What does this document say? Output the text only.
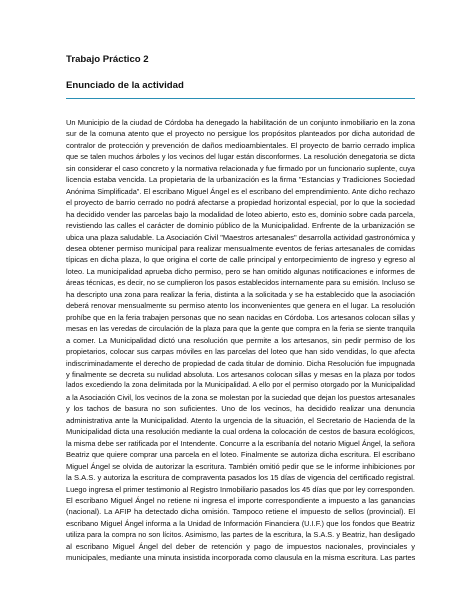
Trabajo Práctico 2
Enunciado de la actividad
Un Municipio de la ciudad de Córdoba ha denegado la habilitación de un conjunto inmobiliario en la zona
sur de la comuna atento que el proyecto no persigue los propósitos planteados por dicha autoridad de
contralor de protección y prevención de daños medioambientales. El proyecto de barrio cerrado implica
que se talen muchos árboles y los vecinos del lugar están disconformes. La resolución denegatoria se dicta
sin considerar el caso concreto y la normativa relacionada y fue firmado por un funcionario suplente, cuya
licencia estaba vencida. La propietaria de la urbanización es la firma "Estancias y Tradiciones Sociedad
Anónima Simplificada". El escribano Miguel Ángel es el escribano del emprendimiento. Ante dicho rechazo
el proyecto de barrio cerrado no podrá afectarse a propiedad horizontal especial, por lo que la sociedad
ha decidido vender las parcelas bajo la modalidad de loteo abierto, esto es, dominio sobre cada parcela,
revistiendo las calles el carácter de dominio público de la Municipalidad. Enfrente de la urbanización se
ubica una plaza saludable. La Asociación Civil "Maestros artesanales" desarrolla actividad gastronómica y
desea obtener permiso municipal para realizar mensualmente eventos de ferias artesanales de comidas
típicas en dicha plaza, lo que origina el corte de calle principal y entorpecimiento de ingreso y egreso al
loteo. La municipalidad aprueba dicho permiso, pero se han omitido algunas notificaciones e informes de
áreas técnicas, es decir, no se cumplieron los pasos establecidos internamente para su emisión. Incluso se
ha descripto una zona para realizar la feria, distinta a la solicitada y se ha establecido que la asociación
deberá renovar mensualmente su permiso atento los inconvenientes que genera en el lugar. La resolución
prohíbe que en la feria trabajen personas que no sean nacidas en Córdoba. Los artesanos colocan sillas y
mesas en las veredas de circulación de la plaza para que la gente que compra en la feria se siente tranquila
a comer. La Municipalidad dictó una resolución que permite a los artesanos, sin pedir permiso de los
propietarios, colocar sus carpas móviles en las parcelas del loteo que han sido vendidas, lo que afecta
indiscriminadamente el derecho de propiedad de cada titular de dominio. Dicha Resolución fue impugnada
y finalmente se decreta su nulidad absoluta. Los artesanos colocan sillas y mesas en la plaza por todos
lados excediendo la zona delimitada por la Municipalidad. A ello por el permiso otorgado por la Municipalidad
a la Asociación Civil, los vecinos de la zona se molestan por la suciedad que dejan los puestos artesanales
y los tachos de basura no son suficientes. Uno de los vecinos, ha decidido realizar una denuncia
administrativa ante la Municipalidad. Atento la urgencia de la situación, el Secretario de Hacienda de la
Municipalidad dicta una resolución mediante la cual ordena la colocación de cestos de basura ecológicos,
la misma debe ser ratificada por el Intendente. Concurre a la escribanía del notario Miguel Ángel, la señora
Beatriz que quiere comprar una parcela en el loteo. Finalmente se autoriza dicha escritura. El escribano
Miguel Ángel se olvida de autorizar la escritura. También omitió pedir que se le informe inhibiciones por
la S.A.S. y autoriza la escritura de compraventa pasados los 15 días de vigencia del certificado registral.
Luego ingresa el primer testimonio al Registro Inmobiliario pasados los 45 días que por ley corresponden.
El escribano Miguel Ángel no retiene ni ingresa el importe correspondiente a impuesto a las ganancias
(nacional). La AFIP ha detectado dicha omisión. Tampoco retiene el impuesto de sellos (provincial). El
escribano Miguel Ángel informa a la Unidad de Información Financiera (U.I.F.) que los fondos que Beatriz
utiliza para la compra no son lícitos. Asimismo, las partes de la escritura, la S.A.S. y Beatriz, han desligado
al escribano Miguel Ángel del deber de retención y pago de impuestos nacionales, provinciales y
municipales, mediante una minuta insistida incorporada como clausula en la misma escritura. Las partes
